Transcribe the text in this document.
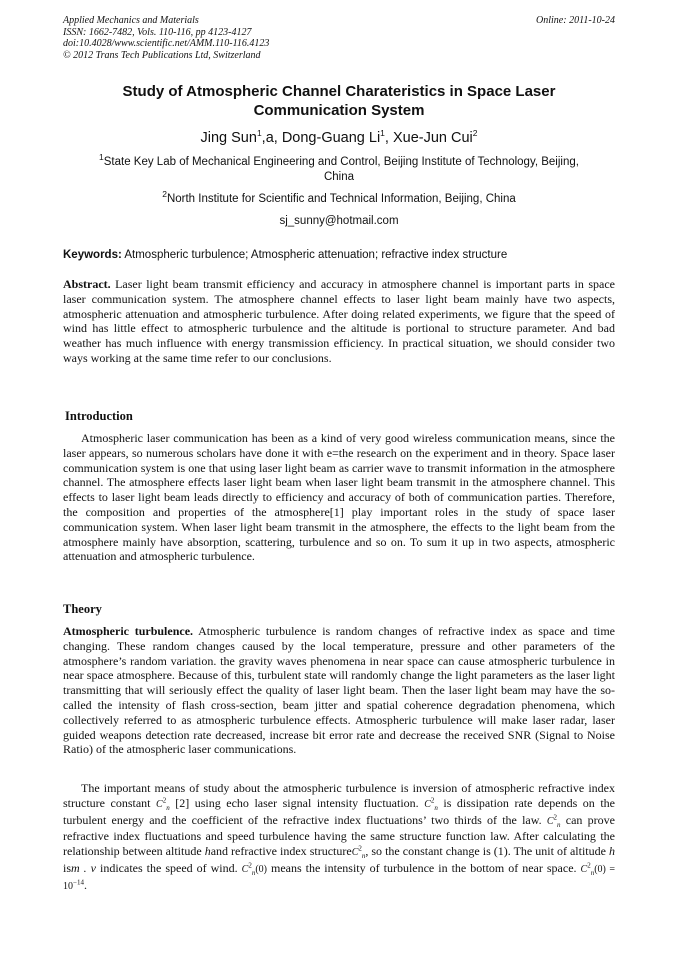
Applied Mechanics and Materials
ISSN: 1662-7482, Vols. 110-116, pp 4123-4127
doi:10.4028/www.scientific.net/AMM.110-116.4123
© 2012 Trans Tech Publications Ltd, Switzerland
Online: 2011-10-24
Study of Atmospheric Channel Charateristics in Space Laser
Communication System
Jing Sun$^1$,a, Dong-Guang Li$^1$, Xue-Jun Cui$^2$
$^1$State Key Lab of Mechanical Engineering and Control, Beijing Institute of Technology, Beijing,
China
$^2$North Institute for Scientific and Technical Information, Beijing, China
sj_sunny@hotmail.com
Keywords: Atmospheric turbulence; Atmospheric attenuation; refractive index structure
Abstract. Laser light beam transmit efficiency and accuracy in atmosphere channel is important parts in space laser communication system. The atmosphere channel effects to laser light beam mainly have two aspects, atmospheric attenuation and atmospheric turbulence. After doing related experiments, we figure that the speed of wind has little effect to atmospheric turbulence and the altitude is portional to structure parameter. And bad weather has much influence with energy transmission efficiency. In practical situation, we should consider two ways working at the same time refer to our conclusions.
Introduction
Atmospheric laser communication has been as a kind of very good wireless communication means, since the laser appears, so numerous scholars have done it with e=the research on the experiment and in theory. Space laser communication system is one that using laser light beam as carrier wave to transmit information in the atmosphere channel. The atmosphere effects laser light beam when laser light beam transmit in the atmosphere channel. This effects to laser light beam leads directly to efficiency and accuracy of both of communication parties. Therefore, the composition and properties of the atmosphere[1] play important roles in the study of space laser communication system. When laser light beam transmit in the atmosphere, the effects to the light beam from the atmosphere mainly have absorption, scattering, turbulence and so on. To sum it up in two aspects, atmospheric attenuation and atmospheric turbulence.
Theory
Atmospheric turbulence. Atmospheric turbulence is random changes of refractive index as space and time changing. These random changes caused by the local temperature, pressure and other parameters of the atmosphere’s random variation. the gravity waves phenomena in near space can cause atmospheric turbulence in near space atmosphere. Because of this, turbulent state will randomly change the light parameters as the laser light transmitting that will seriously effect the quality of laser light beam. Then the laser light beam may have the so-called the intensity of flash cross-section, beam jitter and spatial coherence degradation phenomena, which collectively referred to as atmospheric turbulence effects. Atmospheric turbulence will make laser radar, laser guided weapons detection rate decreased, increase bit error rate and decrease the received SNR (Signal to Noise Ratio) of the atmospheric laser communications.
The important means of study about the atmospheric turbulence is inversion of atmospheric refractive index structure constant $C^2_n$ [2] using echo laser signal intensity fluctuation. $C^2_n$ is dissipation rate depends on the turbulent energy and the coefficient of the refractive index fluctuations’ two thirds of the law. $C^2_n$ can prove refractive index fluctuations and speed turbulence having the same structure function law. After calculating the relationship between altitude hand refractive index structureC$^2_n$, so the constant change is (1). The unit of altitude h ism . v indicates the speed of wind. $C^2_n(0)$ means the intensity of turbulence in the bottom of near space. $C^2_n(0) = 10^{-14}$.
